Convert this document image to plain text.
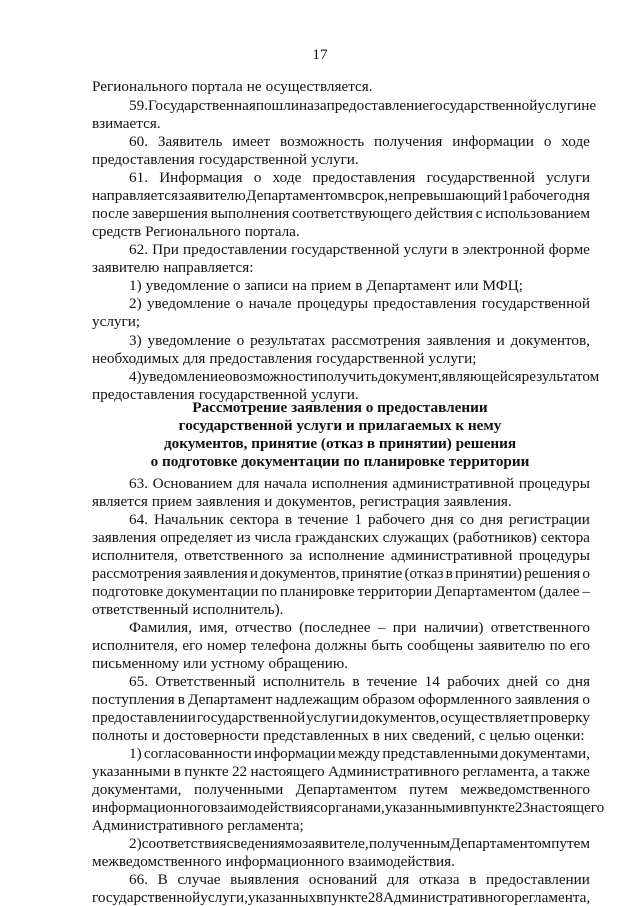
17
Рассмотрение заявления о предоставлении
государственной услуги и прилагаемых к нему
документов, принятие (отказ в принятии) решения
о подготовке документации по планировке территории
Регионального портала не осуществляется.
59. Государственная пошлина за предоставление государственной услуги не
взимается.
60. Заявитель имеет возможность получения информации о ходе
предоставления государственной услуги.
61. Информация о ходе предоставления государственной услуги
направляется заявителю Департаментом в срок, не превышающий 1 рабочего дня
после завершения выполнения соответствующего действия с использованием
средств Регионального портала.
62. При предоставлении государственной услуги в электронной форме
заявителю направляется:
1) уведомление о записи на прием в Департамент или МФЦ;
2) уведомление о начале процедуры предоставления государственной
услуги;
3) уведомление о результатах рассмотрения заявления и документов,
необходимых для предоставления государственной услуги;
4) уведомление о возможности получить документ, являющейся результатом
предоставления государственной услуги.
63. Основанием для начала исполнения административной процедуры
является прием заявления и документов, регистрация заявления.
64. Начальник сектора в течение 1 рабочего дня со дня регистрации
заявления определяет из числа гражданских служащих (работников) сектора
исполнителя, ответственного за исполнение административной процедуры
рассмотрения заявления и документов, принятие (отказ в принятии) решения о
подготовке документации по планировке территории Департаментом (далее –
ответственный исполнитель).
Фамилия, имя, отчество (последнее – при наличии) ответственного
исполнителя, его номер телефона должны быть сообщены заявителю по его
письменному или устному обращению.
65. Ответственный исполнитель в течение 14 рабочих дней со дня
поступления в Департамент надлежащим образом оформленного заявления о
предоставлении государственной услуги и документов, осуществляет проверку
полноты и достоверности представленных в них сведений, с целью оценки:
1) согласованности информации между представленными документами,
указанными в пункте 22 настоящего Административного регламента, а также
документами, полученными Департаментом путем межведомственного
информационного взаимодействия с органами, указанными в пункте 23 настоящего
Административного регламента;
2) соответствия сведениям о заявителе, полученным Департаментом путем
межведомственного информационного взаимодействия.
66. В случае выявления оснований для отказа в предоставлении
государственной услуги, указанных в пункте 28 Административного регламента,
